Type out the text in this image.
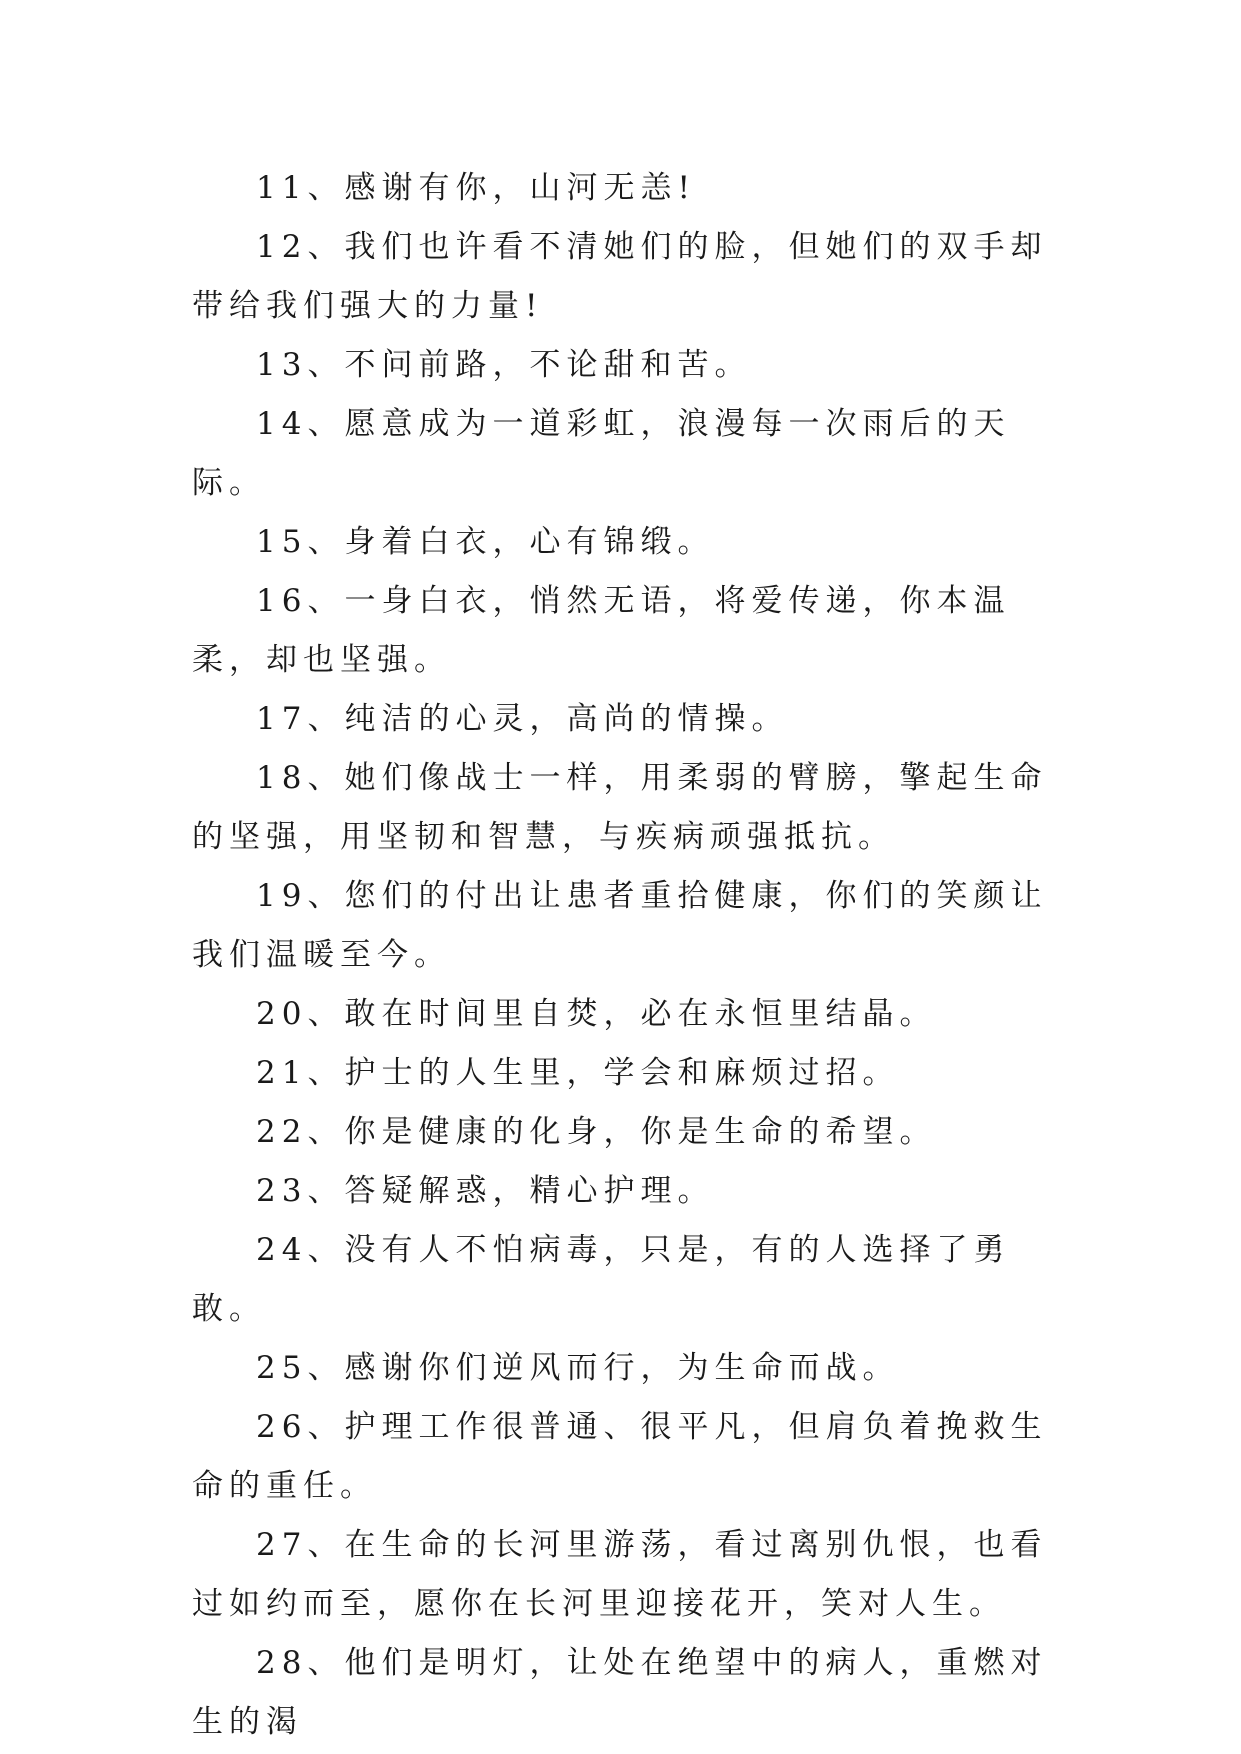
11、感谢有你，山河无恙!

12、我们也许看不清她们的脸，但她们的双手却带给我们强大的力量!

13、不问前路，不论甜和苦。

14、愿意成为一道彩虹，浪漫每一次雨后的天际。

15、身着白衣，心有锦缎。

16、一身白衣，悄然无语，将爱传递，你本温柔，却也坚强。

17、纯洁的心灵，高尚的情操。

18、她们像战士一样，用柔弱的臂膀，擎起生命的坚强，用坚韧和智慧，与疾病顽强抵抗。

19、您们的付出让患者重拾健康，你们的笑颜让我们温暖至今。

20、敢在时间里自焚，必在永恒里结晶。

21、护士的人生里，学会和麻烦过招。

22、你是健康的化身，你是生命的希望。

23、答疑解惑，精心护理。

24、没有人不怕病毒，只是，有的人选择了勇敢。

25、感谢你们逆风而行，为生命而战。

26、护理工作很普通、很平凡，但肩负着挽救生命的重任。

27、在生命的长河里游荡，看过离别仇恨，也看过如约而至，愿你在长河里迎接花开，笑对人生。

28、他们是明灯，让处在绝望中的病人，重燃对生的渴
